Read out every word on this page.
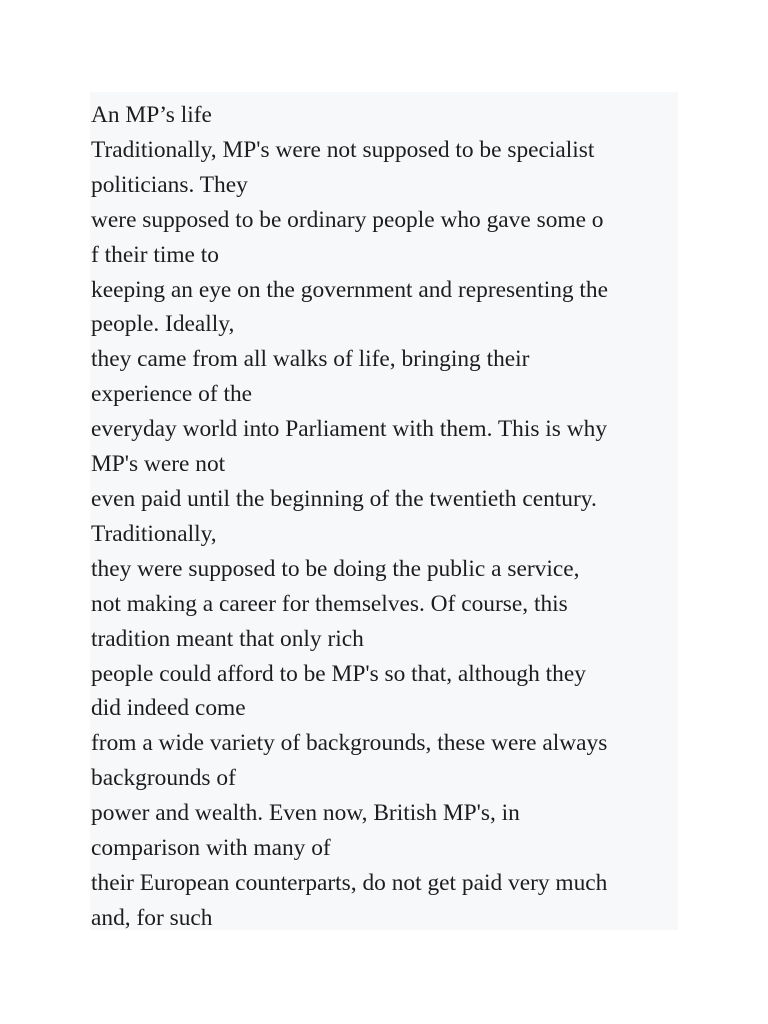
An MP’s life

Traditionally, MP's were not supposed to be specialist

politicians. They

were supposed to be ordinary people who gave some o

f their time to

keeping an eye on the government and representing the

people. Ideally,

they came from all walks of life, bringing their

experience of the

everyday world into Parliament with them. This is why

MP's were not

even paid until the beginning of the twentieth century.

Traditionally,

they were supposed to be doing the public a service,

not making a career for themselves. Of course, this

tradition meant that only rich

people could afford to be MP's so that, although they

did indeed come

from a wide variety of backgrounds, these were always

backgrounds of

power and wealth. Even now, British MP's, in

comparison with many of

their European counterparts, do not get paid very much

and, for such
